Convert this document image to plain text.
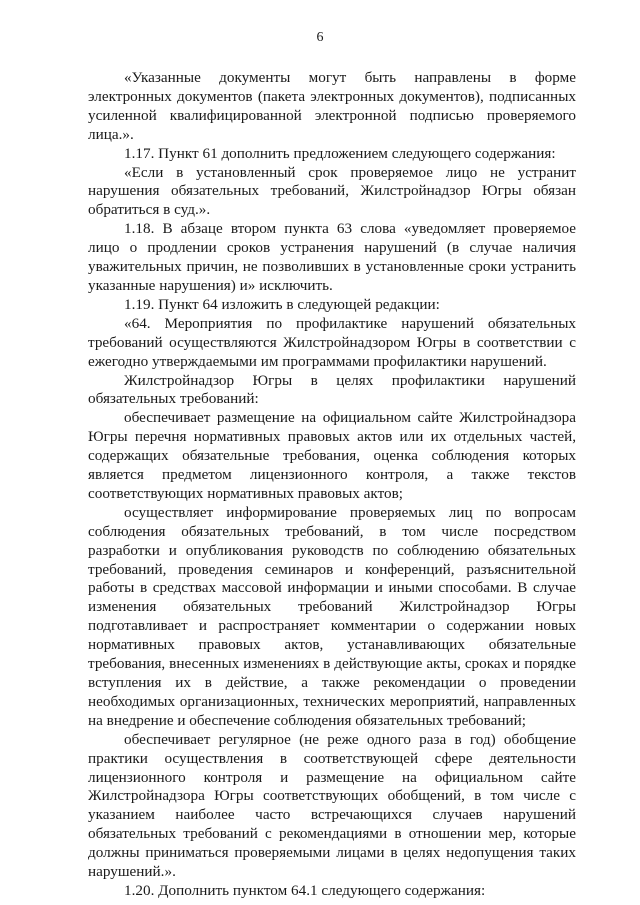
6

«Указанные документы могут быть направлены в форме электронных документов (пакета электронных документов), подписанных усиленной квалифицированной электронной подписью проверяемого лица.».

1.17. Пункт 61 дополнить предложением следующего содержания:

«Если в установленный срок проверяемое лицо не устранит нарушения обязательных требований, Жилстройнадзор Югры обязан обратиться в суд.».

1.18. В абзаце втором пункта 63 слова «уведомляет проверяемое лицо о продлении сроков устранения нарушений (в случае наличия уважительных причин, не позволивших в установленные сроки устранить указанные нарушения) и» исключить.

1.19. Пункт 64 изложить в следующей редакции:

«64. Мероприятия по профилактике нарушений обязательных требований осуществляются Жилстройнадзором Югры в соответствии с ежегодно утверждаемыми им программами профилактики нарушений.

Жилстройнадзор Югры в целях профилактики нарушений обязательных требований:

обеспечивает размещение на официальном сайте Жилстройнадзора Югры перечня нормативных правовых актов или их отдельных частей, содержащих обязательные требования, оценка соблюдения которых является предметом лицензионного контроля, а также текстов соответствующих нормативных правовых актов;

осуществляет информирование проверяемых лиц по вопросам соблюдения обязательных требований, в том числе посредством разработки и опубликования руководств по соблюдению обязательных требований, проведения семинаров и конференций, разъяснительной работы в средствах массовой информации и иными способами. В случае изменения обязательных требований Жилстройнадзор Югры подготавливает и распространяет комментарии о содержании новых нормативных правовых актов, устанавливающих обязательные требования, внесенных изменениях в действующие акты, сроках и порядке вступления их в действие, а также рекомендации о проведении необходимых организационных, технических мероприятий, направленных на внедрение и обеспечение соблюдения обязательных требований;

обеспечивает регулярное (не реже одного раза в год) обобщение практики осуществления в соответствующей сфере деятельности лицензионного контроля и размещение на официальном сайте Жилстройнадзора Югры соответствующих обобщений, в том числе с указанием наиболее часто встречающихся случаев нарушений обязательных требований с рекомендациями в отношении мер, которые должны приниматься проверяемыми лицами в целях недопущения таких нарушений.».

1.20. Дополнить пунктом 64.1 следующего содержания:
